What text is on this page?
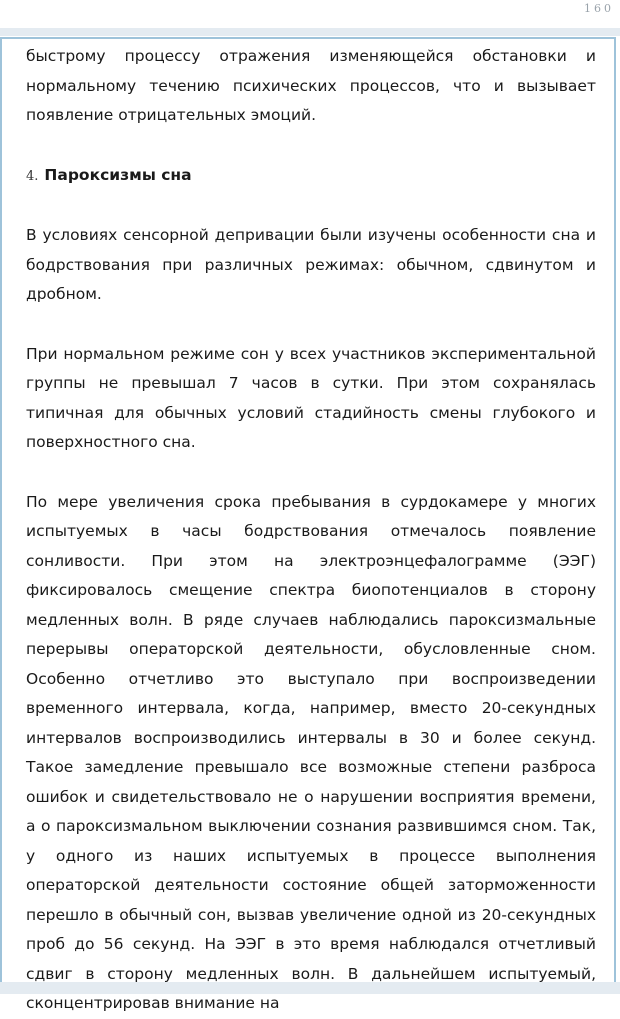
160

быстрому процессу отражения изменяющейся обстановки и нормальному течению психических процессов, что и вызывает появление отрицательных эмоций.

4. Пароксизмы сна

В условиях сенсорной депривации были изучены особенности сна и бодрствования при различных режимах: обычном, сдвинутом и дробном.

При нормальном режиме сон у всех участников экспериментальной группы не превышал 7 часов в сутки. При этом сохранялась типичная для обычных условий стадийность смены глубокого и поверхностного сна.

По мере увеличения срока пребывания в сурдокамере у многих испытуемых в часы бодрствования отмечалось появление сонливости. При этом на электроэнцефалограмме (ЭЭГ) фиксировалось смещение спектра биопотенциалов в сторону медленных волн. В ряде случаев наблюдались пароксизмальные перерывы операторской деятельности, обусловленные сном. Особенно отчетливо это выступало при воспроизведении временного интервала, когда, например, вместо 20-секундных интервалов воспроизводились интервалы в 30 и более секунд. Такое замедление превышало все возможные степени разброса ошибок и свидетельствовало не о нарушении восприятия времени, а о пароксизмальном выключении сознания развившимся сном. Так, у одного из наших испытуемых в процессе выполнения операторской деятельности состояние общей заторможенности перешло в обычный сон, вызвав увеличение одной из 20-секундных проб до 56 секунд. На ЭЭГ в это время наблюдался отчетливый сдвиг в сторону медленных волн. В дальнейшем испытуемый, сконцентрировав внимание на
